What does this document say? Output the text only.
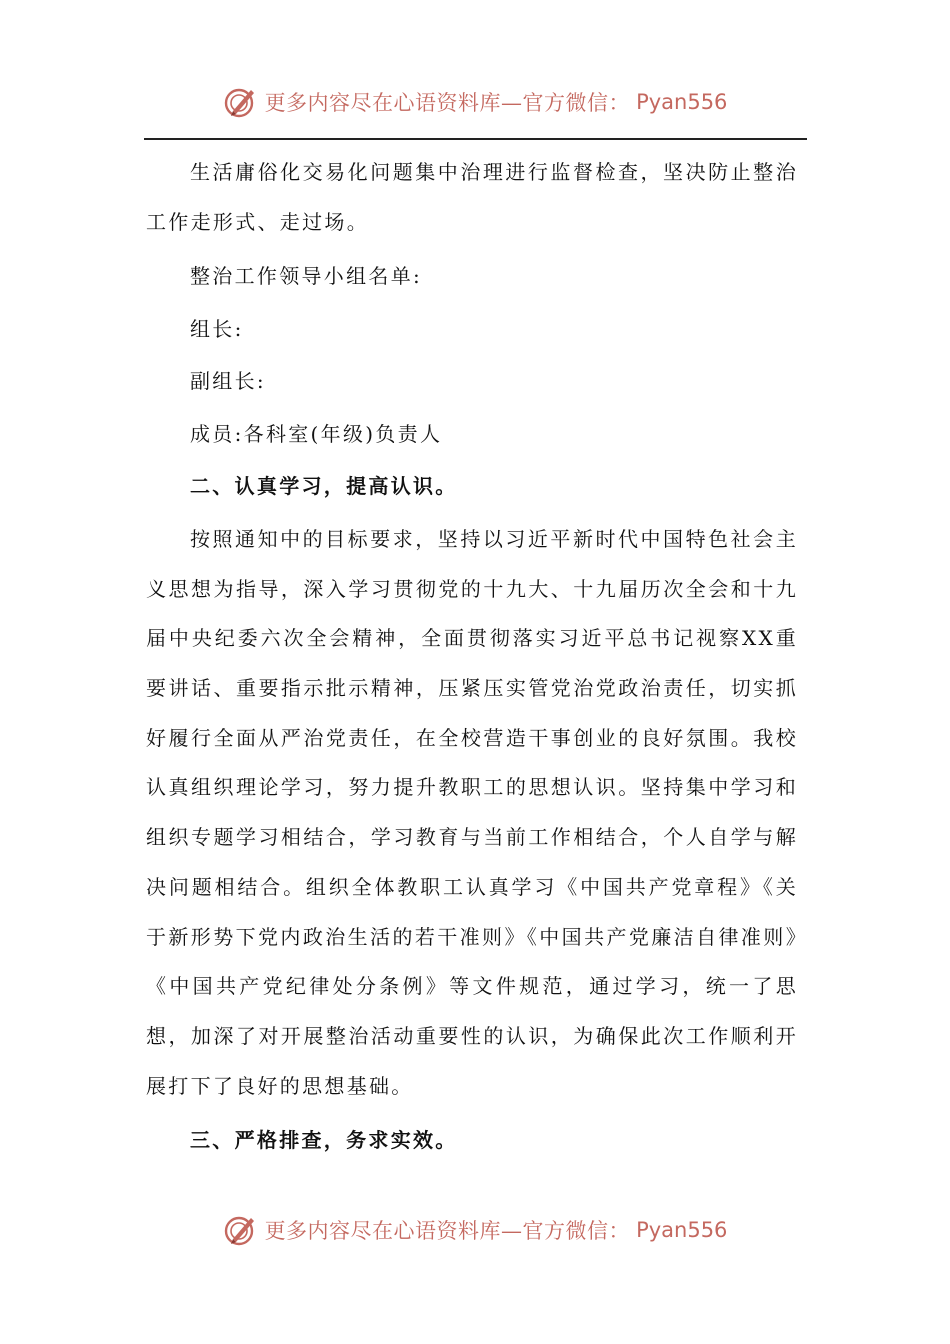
更多内容尽在心语资料库—官方微信： Pyan556

生活庸俗化交易化问题集中治理进行监督检查，坚决防止整治工作走形式、走过场。

整治工作领导小组名单:

组长:

副组长:

成员:各科室(年级)负责人

二、认真学习，提高认识。

按照通知中的目标要求，坚持以习近平新时代中国特色社会主义思想为指导，深入学习贯彻党的十九大、十九届历次全会和十九届中央纪委六次全会精神，全面贯彻落实习近平总书记视察XX重要讲话、重要指示批示精神，压紧压实管党治党政治责任，切实抓好履行全面从严治党责任，在全校营造干事创业的良好氛围。我校认真组织理论学习，努力提升教职工的思想认识。坚持集中学习和组织专题学习相结合，学习教育与当前工作相结合，个人自学与解决问题相结合。组织全体教职工认真学习《中国共产党章程》《关于新形势下党内政治生活的若干准则》《中国共产党廉洁自律准则》《中国共产党纪律处分条例》等文件规范，通过学习，统一了思想，加深了对开展整治活动重要性的认识，为确保此次工作顺利开展打下了良好的思想基础。

三、严格排查，务求实效。

更多内容尽在心语资料库—官方微信： Pyan556
